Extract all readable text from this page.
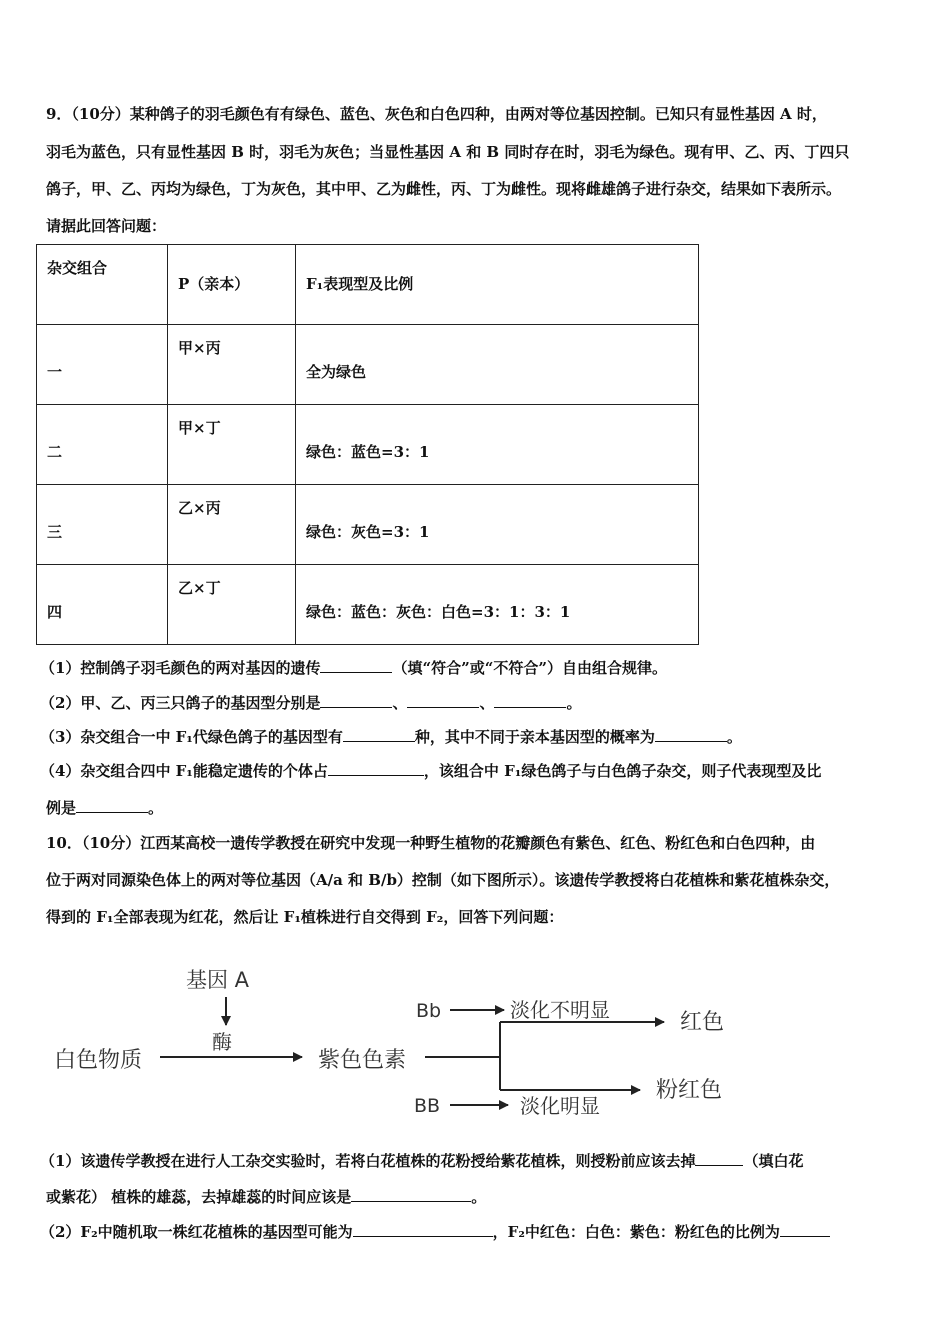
9．（10分）某种鸽子的羽毛颜色有有绿色、蓝色、灰色和白色四种，由两对等位基因控制。已知只有显性基因 A 时，
羽毛为蓝色，只有显性基因 B 时，羽毛为灰色；当显性基因 A 和 B 同时存在时，羽毛为绿色。现有甲、乙、丙、丁四只
鸽子，甲、乙、丙均为绿色，丁为灰色，其中甲、乙为雌性，丙、丁为雌性。现将雌雄鸽子进行杂交，结果如下表所示。
请据此回答问题：
杂交组合	P（亲本）	F₁表现型及比例

一	甲×丙	全为绿色

二	甲×丁	绿色：蓝色=3：1

三	乙×丙	绿色：灰色=3：1

四	乙×丁	绿色：蓝色：灰色：白色=3：1：3：1
（1）控制鸽子羽毛颜色的两对基因的遗传	（填“符合”或“不符合”）自由组合规律。
（2）甲、乙、丙三只鸽子的基因型分别是	、	、	。
（3）杂交组合一中 F₁代绿色鸽子的基因型有	种，其中不同于亲本基因型的概率为	。
（4）杂交组合四中 F₁能稳定遗传的个体占	，该组合中 F₁绿色鸽子与白色鸽子杂交，则子代表现型及比
例是	。
10．（10分）江西某高校一遗传学教授在研究中发现一种野生植物的花瓣颜色有紫色、红色、粉红色和白色四种，由
位于两对同源染色体上的两对等位基因（A/a 和 B/b）控制（如下图所示）。该遗传学教授将白花植株和紫花植株杂交，
得到的 F₁全部表现为红花，然后让 F₁植株进行自交得到 F₂，回答下列问题：
基因 A
酶
白色物质	紫色色素
Bb	淡化不明显	红色
BB	淡化明显
粉红色
（1）该遗传学教授在进行人工杂交实验时，若将白花植株的花粉授给紫花植株，则授粉前应该去掉	（填白花
或紫花） 植株的雄蕊，去掉雄蕊的时间应该是	。
（2）F₂中随机取一株红花植株的基因型可能为	，F₂中红色：白色：紫色：粉红色的比例为
